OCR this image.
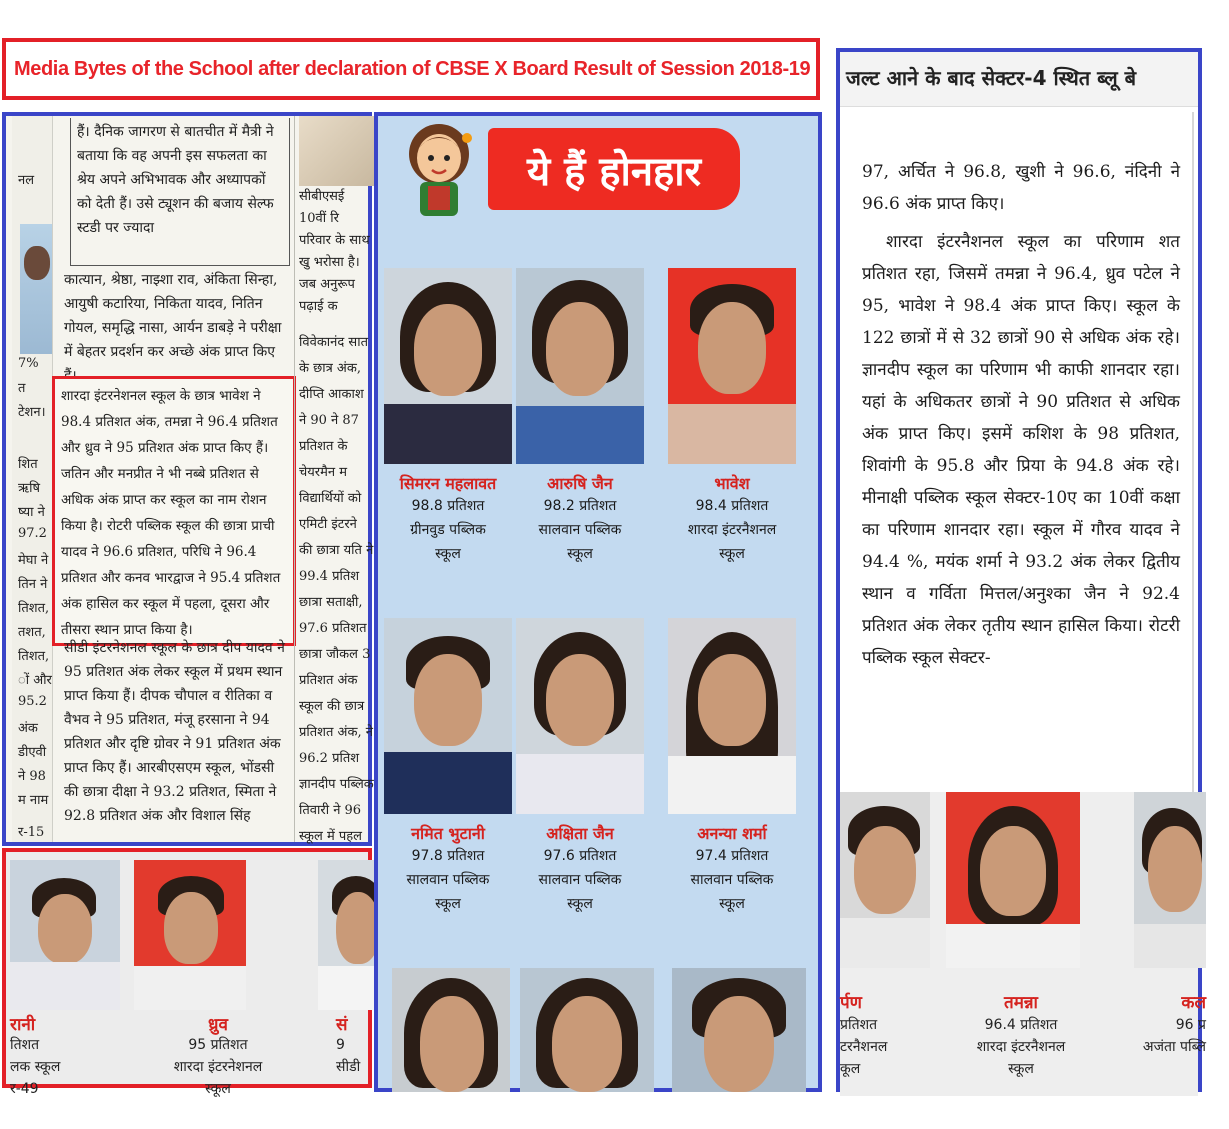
Media Bytes of the School after declaration of CBSE X Board Result of Session 2018-19
नल
7%
त
टेशन।
शित
ऋषि
ष्या ने
97.2
मेघा ने
तिन ने
तिशत,
तशत,
तिशत,
ों और
95.2
अंक
डीएवी
ने 98
म नाम
र-15

हैं। दैनिक जागरण से बातचीत में मैत्री ने बताया कि वह अपनी इस सफलता का श्रेय अपने अभिभावक और अध्यापकों को देती हैं। उसे ट्यूशन की बजाय सेल्फ स्टडी पर ज्यादा

कात्यान, श्रेष्ठा, नाझ्शा राव, अंकिता सिन्हा, आयुषी कटारिया, निकिता यादव, नितिन गोयल, समृद्धि नासा, आर्यन डाबड़े ने परीक्षा में बेहतर प्रदर्शन कर अच्छे अंक प्राप्त किए

शारदा इंटरनेशनल स्कूल के छात्र भावेश ने 98.4 प्रतिशत अंक, तमन्ना ने 96.4 प्रतिशत और ध्रुव ने 95 प्रतिशत अंक प्राप्त किए हैं। जतिन और मनप्रीत ने भी नब्बे प्रतिशत से अधिक अंक प्राप्त कर स्कूल का नाम रोशन किया है। रोटरी पब्लिक स्कूल की छात्रा प्राची यादव ने 96.6 प्रतिशत, परिधि ने 96.4 प्रतिशत और कनव भारद्वाज ने 95.4 प्रतिशत अंक हासिल कर स्कूल में पहला, दूसरा और तीसरा स्थान प्राप्त किया है।

सीडी इंटरनेशनल स्कूल के छात्र दीप यादव ने 95 प्रतिशत अंक लेकर स्कूल में प्रथम स्थान प्राप्त किया हैं। दीपक चौपाल व रीतिका व वैभव ने 95 प्रतिशत, मंजू हरसाना ने 94 प्रतिशत और दृष्टि ग्रोवर ने 91 प्रतिशत अंक प्राप्त किए हैं। आरबीएसएम स्कूल, भोंडसी की छात्रा दीक्षा ने 93.2 प्रतिशत, स्मिता ने 92.8 प्रतिशत अंक और विशाल सिंह

सीबीएसई 10वीं रि परिवार के साथ खु भरोसा है। जब अनुरूप पढ़ाई क

विवेकानंद सात के छात्र अंक, दीप्ति आकाश ने 90 ने 87 प्रतिशत के चेयरमैन म विद्यार्थियों को एमिटी इंटरने की छात्रा यति ने 99.4 प्रतिश छात्रा सताक्षी, 97.6 प्रतिशत छात्रा जौकल 3 प्रतिशत अंक स्कूल की छात्र प्रतिशत अंक, ने 96.2 प्रतिश ज्ञानदीप पब्लिक तिवारी ने 96 स्कूल में पहल

रानी
तिशत
लक स्कूल
र-49
ध्रुव
95 प्रतिशत
शारदा इंटरनेशनल
स्कूल
सं
9
सीडी
ये हैं होनहार
सिमरन महलावत
98.8 प्रतिशत
ग्रीनवुड पब्लिक
स्कूल
आरुषि जैन
98.2 प्रतिशत
सालवान पब्लिक
स्कूल
भावेश
98.4 प्रतिशत
शारदा इंटरनैशनल
स्कूल
नमित भुटानी
97.8 प्रतिशत
सालवान पब्लिक
स्कूल
अक्षिता जैन
97.6 प्रतिशत
सालवान पब्लिक
स्कूल
अनन्या शर्मा
97.4 प्रतिशत
सालवान पब्लिक
स्कूल
जल्ट आने के बाद सेक्टर-4 स्थित ब्लू बे

97, अर्चित ने 96.8, खुशी ने 96.6, नंदिनी ने 96.6 अंक प्राप्त किए।

शारदा इंटरनैशनल स्कूल का परिणाम शत प्रतिशत रहा, जिसमें तमन्ना ने 96.4, ध्रुव पटेल ने 95, भावेश ने 98.4 अंक प्राप्त किए। स्कूल के 122 छात्रों में से 32 छात्रों 90 से अधिक अंक रहे। ज्ञानदीप स्कूल का परिणाम भी काफी शानदार रहा। यहां के अधिकतर छात्रों ने 90 प्रतिशत से अधिक अंक प्राप्त किए। इसमें कशिश के 98 प्रतिशत, शिवांगी के 95.8 और प्रिया के 94.8 अंक रहे। मीनाक्षी पब्लिक स्कूल सेक्टर-10ए का 10वीं कक्षा का परिणाम शानदार रहा। स्कूल में गौरव यादव ने 94.4 %, मयंक शर्मा ने 93.2 अंक लेकर द्वितीय स्थान व गर्विता मित्तल/अनुश्का जैन ने 92.4 प्रतिशत अंक लेकर तृतीय स्थान हासिल किया। रोटरी पब्लिक स्कूल सेक्टर-

र्पण
प्रतिशत
टरनैशनल
कूल
तमन्ना
96.4 प्रतिशत
शारदा इंटरनैशनल
स्कूल
कल
96 प्र
अजंता पब्लि
